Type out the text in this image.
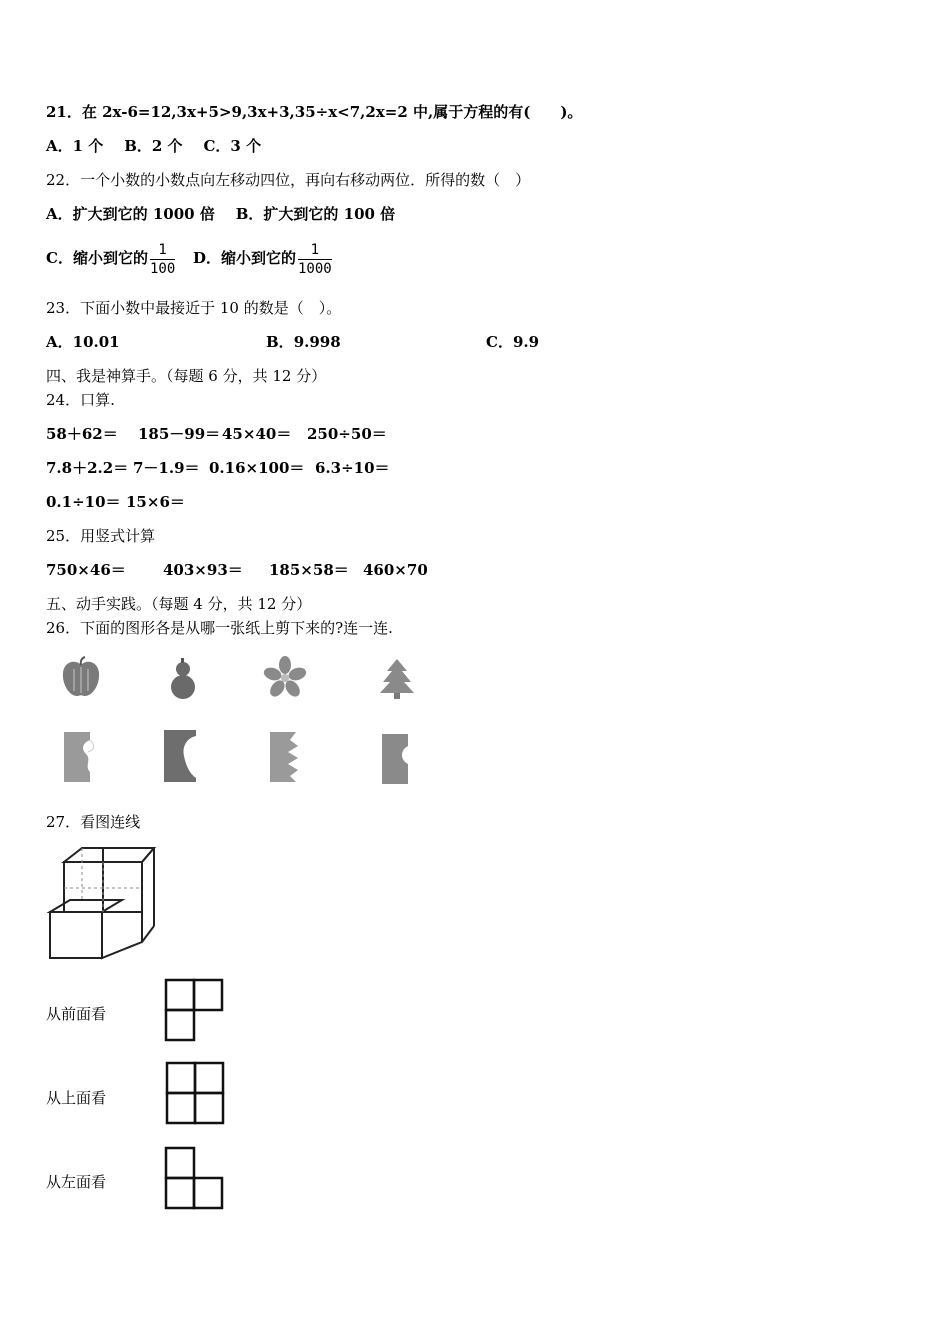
21．在 2x-6=12,3x+5>9,3x+3,35÷x<7,2x=2 中,属于方程的有(　　)。
A．1 个 B．2 个 C．3 个
22．一个小数的小数点向左移动四位，再向右移动两位．所得的数（　）
A．扩大到它的 1000 倍 B．扩大到它的 100 倍
C．缩小到它的 $\frac{1}{100}$ D．缩小到它的 $\frac{1}{1000}$
23．下面小数中最接近于 10 的数是（　）。
A．10.01	B．9.998	C．9.9
四、我是神算手。（每题 6 分，共 12 分）
24．口算.
58＋62＝ 185－99＝ 45×40＝ 250÷50＝
7.8＋2.2＝ 7－1.9＝ 0.16×100＝ 6.3÷10＝
0.1÷10＝ 15×6＝
25．用竖式计算
750×46＝ 403×93＝ 185×58＝ 460×70
五、动手实践。（每题 4 分，共 12 分）
26．下面的图形各是从哪一张纸上剪下来的?连一连.
27．看图连线
从前面看
从上面看
从左面看
